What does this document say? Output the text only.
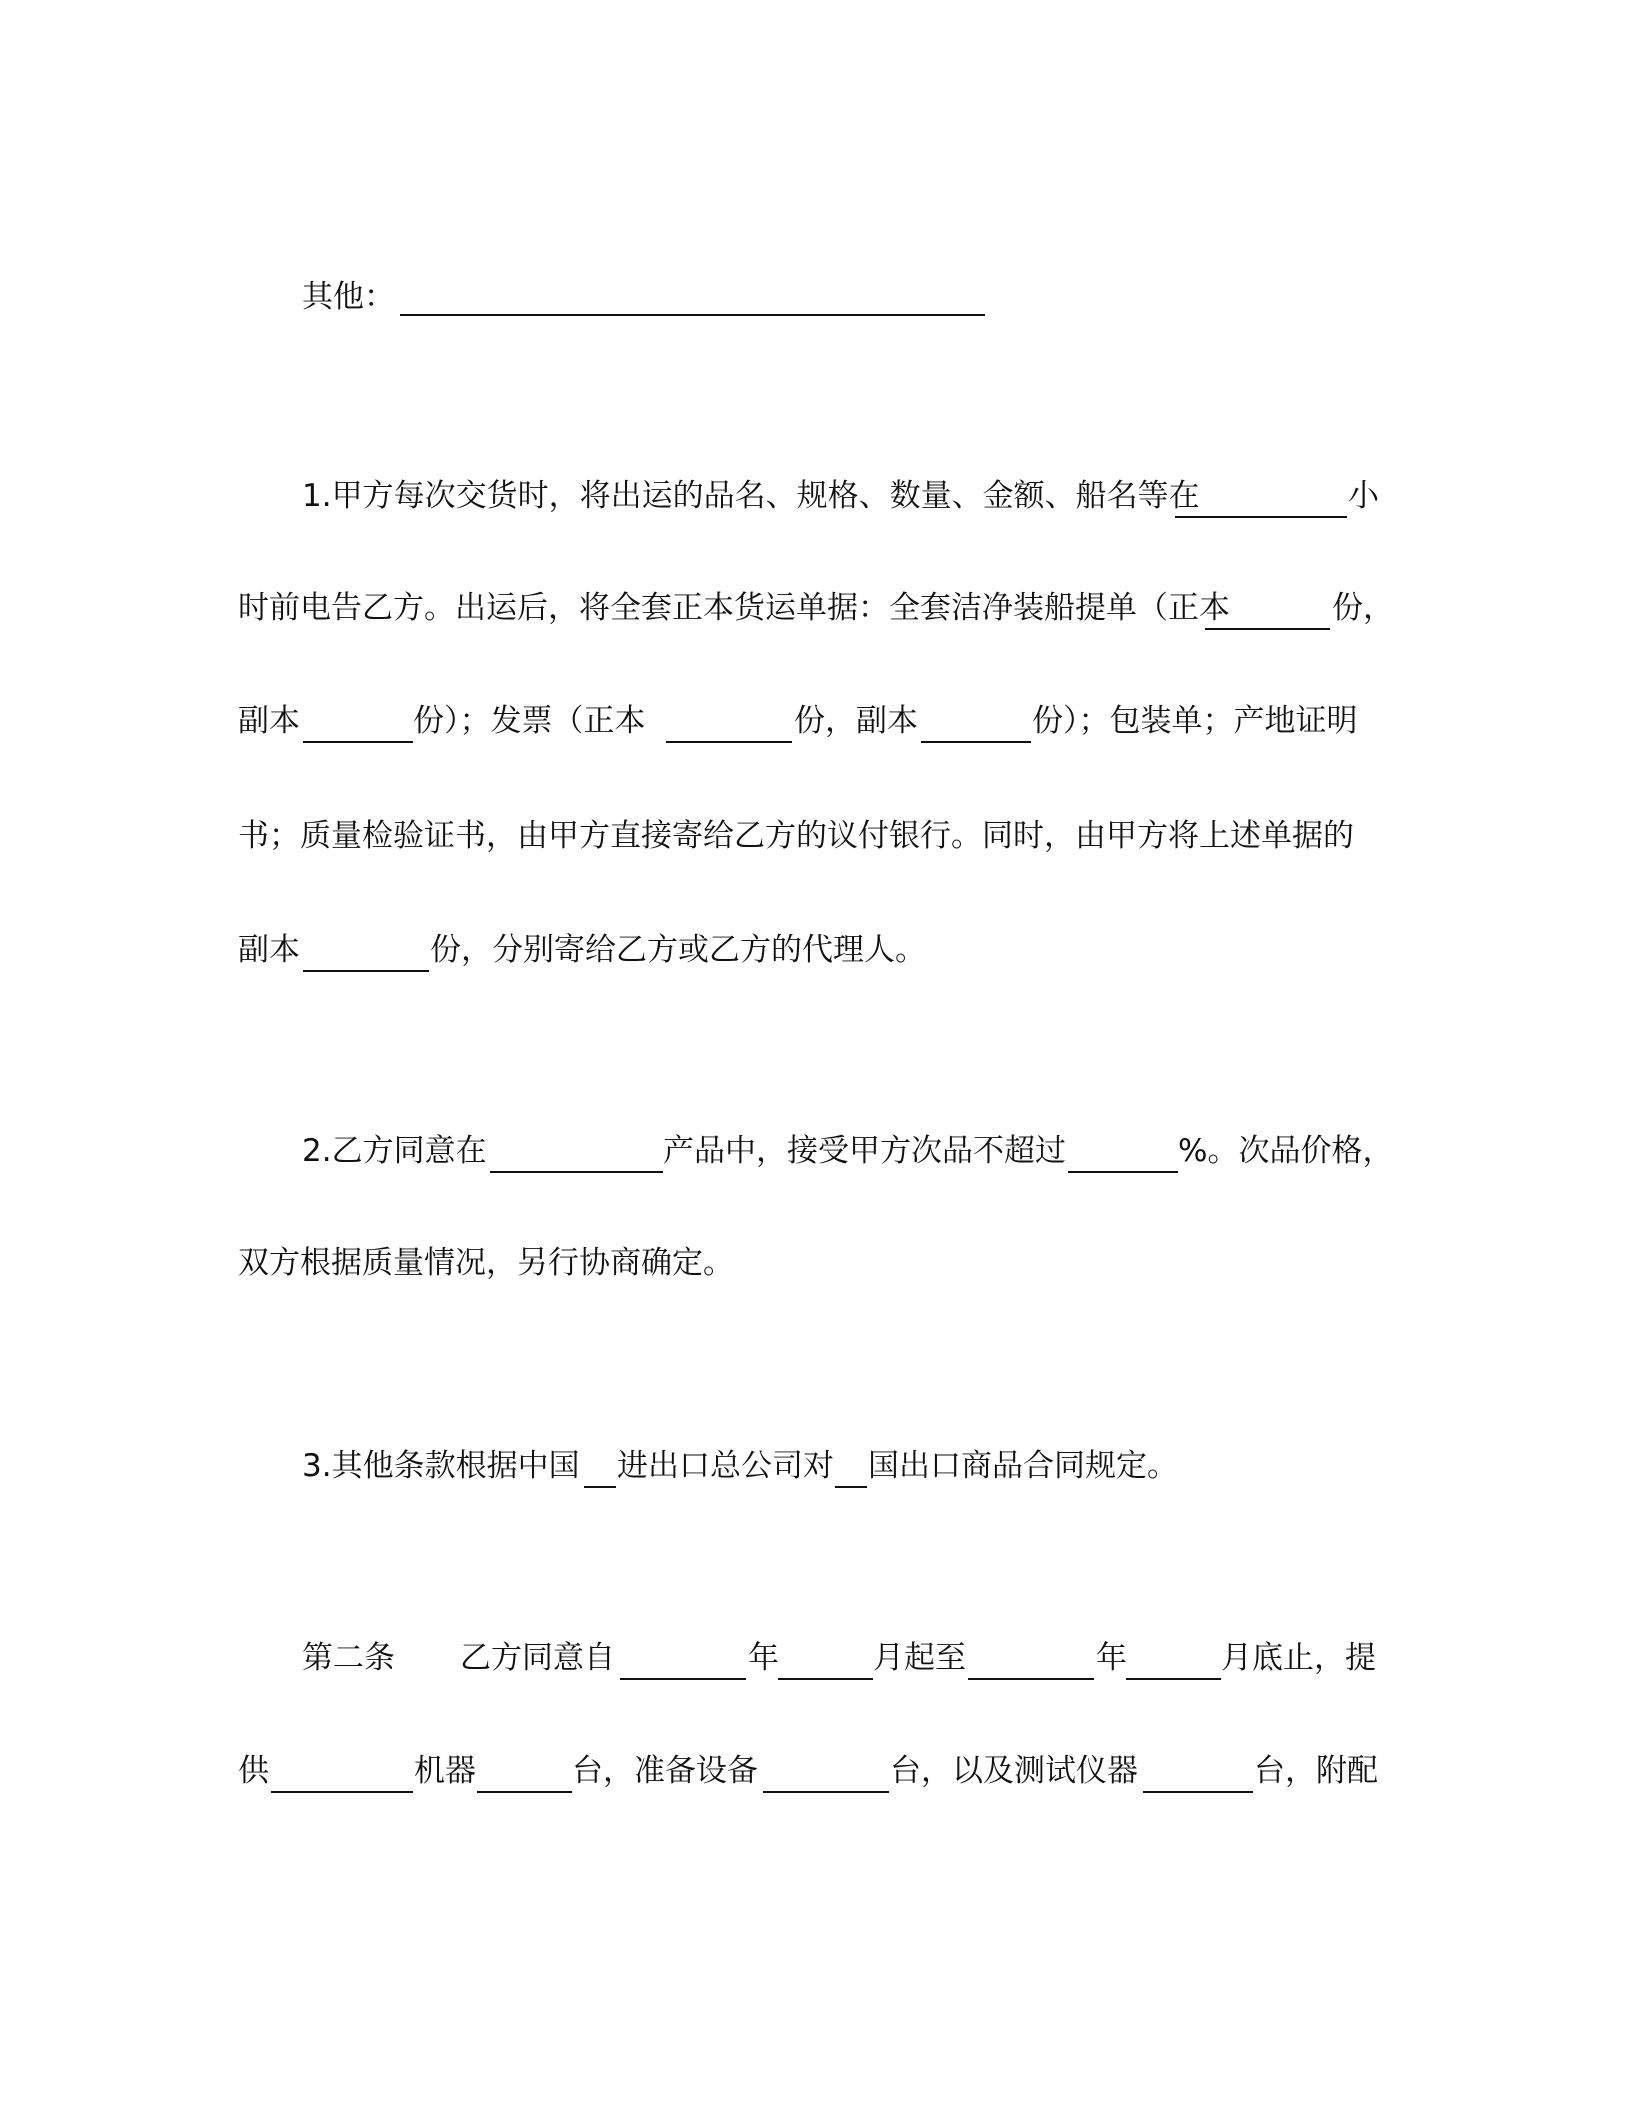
其他：
1.甲方每次交货时，将出运的品名、规格、数量、金额、船名等在	小
时前电告乙方。出运后，将全套正本货运单据：全套洁净装船提单（正本	份，
副本	份）；发票（正本	份，副本	份）；包装单；产地证明
书；质量检验证书，由甲方直接寄给乙方的议付银行。同时，由甲方将上述单据的
副本	份，分别寄给乙方或乙方的代理人。
2.乙方同意在	产品中，接受甲方次品不超过	%。次品价格，
双方根据质量情况，另行协商确定。
3.其他条款根据中国 进出口总公司对 国出口商品合同规定。
第二条 乙方同意自	年	月起至	年	月底止，提
供	机器	台，准备设备	台，以及测试仪器	台，附配
